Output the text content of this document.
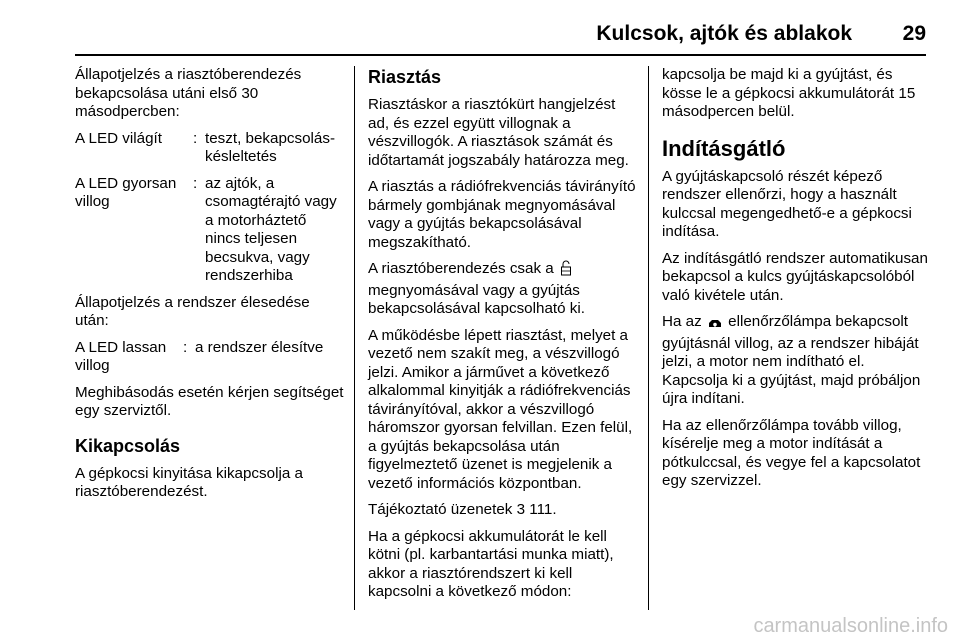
Kulcsok, ajtók és ablakok 29

Állapotjelzés a riasztóberendezés bekapcsolása utáni első 30 másodpercben:

A LED világít	: teszt, bekapcsolás-késleltetés
A LED gyorsan villog
: az ajtók, a csomagtérajtó vagy a motorháztető nincs teljesen becsukva, vagy rendszerhiba

Állapotjelzés a rendszer élesedése után:

A LED lassan villog
: a rendszer élesítve

Meghibásodás esetén kérjen segítséget egy szerviztől.

Kikapcsolás

A gépkocsi kinyitása kikapcsolja a riasztóberendezést.

Riasztás

Riasztáskor a riasztókürt hangjelzést ad, és ezzel együtt villognak a vészvillogók. A riasztások számát és időtartamát jogszabály határozza meg.

A riasztás a rádiófrekvenciás távirányító bármely gombjának megnyomásával vagy a gyújtás bekapcsolásával megszakítható.

A riasztóberendezés csak a  megnyomásával vagy a gyújtás bekapcsolásával kapcsolható ki.

A működésbe lépett riasztást, melyet a vezető nem szakít meg, a vészvillogó jelzi. Amikor a járművet a következő alkalommal kinyitják a rádiófrekvenciás távirányítóval, akkor a vészvillogó háromszor gyorsan felvillan. Ezen felül, a gyújtás bekapcsolása után figyelmeztető üzenet is megjelenik a vezető információs központban.

Tájékoztató üzenetek 3 111.

Ha a gépkocsi akkumulátorát le kell kötni (pl. karbantartási munka miatt), akkor a riasztórendszert ki kell kapcsolni a következő módon:

kapcsolja be majd ki a gyújtást, és kösse le a gépkocsi akkumulátorát 15 másodpercen belül.

Indításgátló

A gyújtáskapcsoló részét képező rendszer ellenőrzi, hogy a használt kulccsal megengedhető-e a gépkocsi indítása.

Az indításgátló rendszer automatikusan bekapcsol a kulcs gyújtáskapcsolóból való kivétele után.

Ha az ellenőrzőlámpa bekapcsolt gyújtásnál villog, az a rendszer hibáját jelzi, a motor nem indítható el. Kapcsolja ki a gyújtást, majd próbáljon újra indítani.

Ha az ellenőrzőlámpa tovább villog, kísérelje meg a motor indítását a pótkulccsal, és vegye fel a kapcsolatot egy szervizzel.

carmanualsonline.info
